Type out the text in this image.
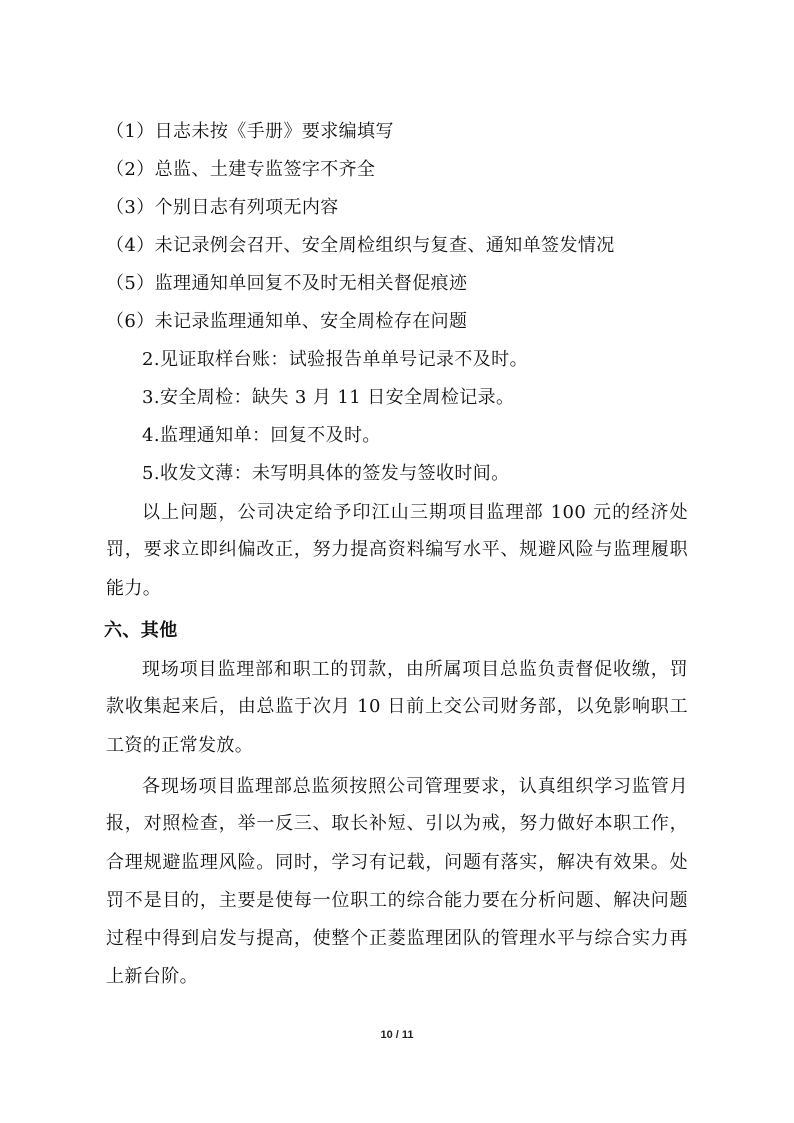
（1）日志未按《手册》要求编填写
（2）总监、土建专监签字不齐全
（3）个别日志有列项无内容
（4）未记录例会召开、安全周检组织与复查、通知单签发情况
（5）监理通知单回复不及时无相关督促痕迹
（6）未记录监理通知单、安全周检存在问题
2.见证取样台账：试验报告单单号记录不及时。
3.安全周检：缺失 3 月 11 日安全周检记录。
4.监理通知单：回复不及时。
5.收发文薄：未写明具体的签发与签收时间。
以上问题，公司决定给予印江山三期项目监理部 100 元的经济处
罚，要求立即纠偏改正，努力提高资料编写水平、规避风险与监理履职
能力。
六、其他
现场项目监理部和职工的罚款，由所属项目总监负责督促收缴，罚
款收集起来后，由总监于次月 10 日前上交公司财务部，以免影响职工
工资的正常发放。
各现场项目监理部总监须按照公司管理要求，认真组织学习监管月
报，对照检查，举一反三、取长补短、引以为戒，努力做好本职工作，
合理规避监理风险。同时，学习有记载，问题有落实，解决有效果。处
罚不是目的，主要是使每一位职工的综合能力要在分析问题、解决问题
过程中得到启发与提高，使整个正菱监理团队的管理水平与综合实力再
上新台阶。
10 / 11
